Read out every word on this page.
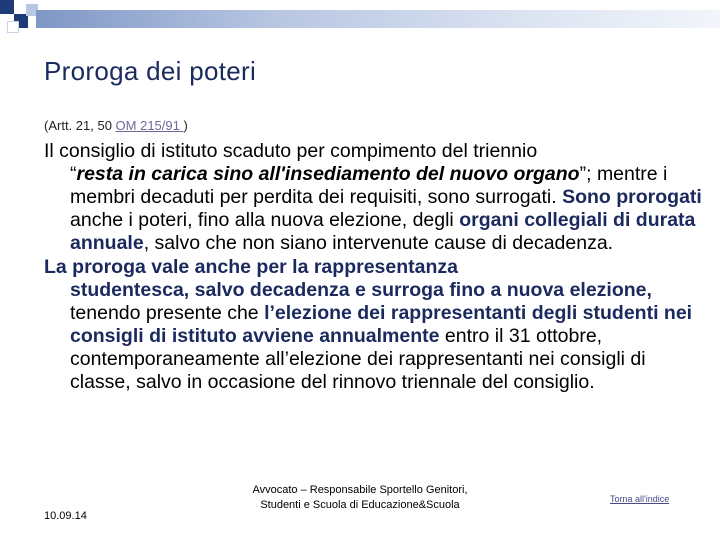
Proroga dei poteri
(Artt. 21, 50 OM 215/91 )

Il consiglio di istituto scaduto per compimento del triennio
“resta in carica sino all'insediamento del nuovo organo”; mentre i membri decaduti per perdita dei requisiti, sono surrogati. Sono prorogati anche i poteri, fino alla nuova elezione, degli organi collegiali di durata annuale, salvo che non siano intervenute cause di decadenza.

La proroga vale anche per la rappresentanza
studentesca, salvo decadenza e surroga fino a nuova elezione, tenendo presente che l’elezione dei rappresentanti degli studenti nei consigli di istituto avviene annualmente entro il 31 ottobre, contemporaneamente all’elezione dei rappresentanti nei consigli di classe, salvo in occasione del rinnovo triennale del consiglio.

10.09.14
Avvocato – Responsabile Sportello Genitori, Studenti e Scuola di Educazione&Scuola	Torna all'indice
